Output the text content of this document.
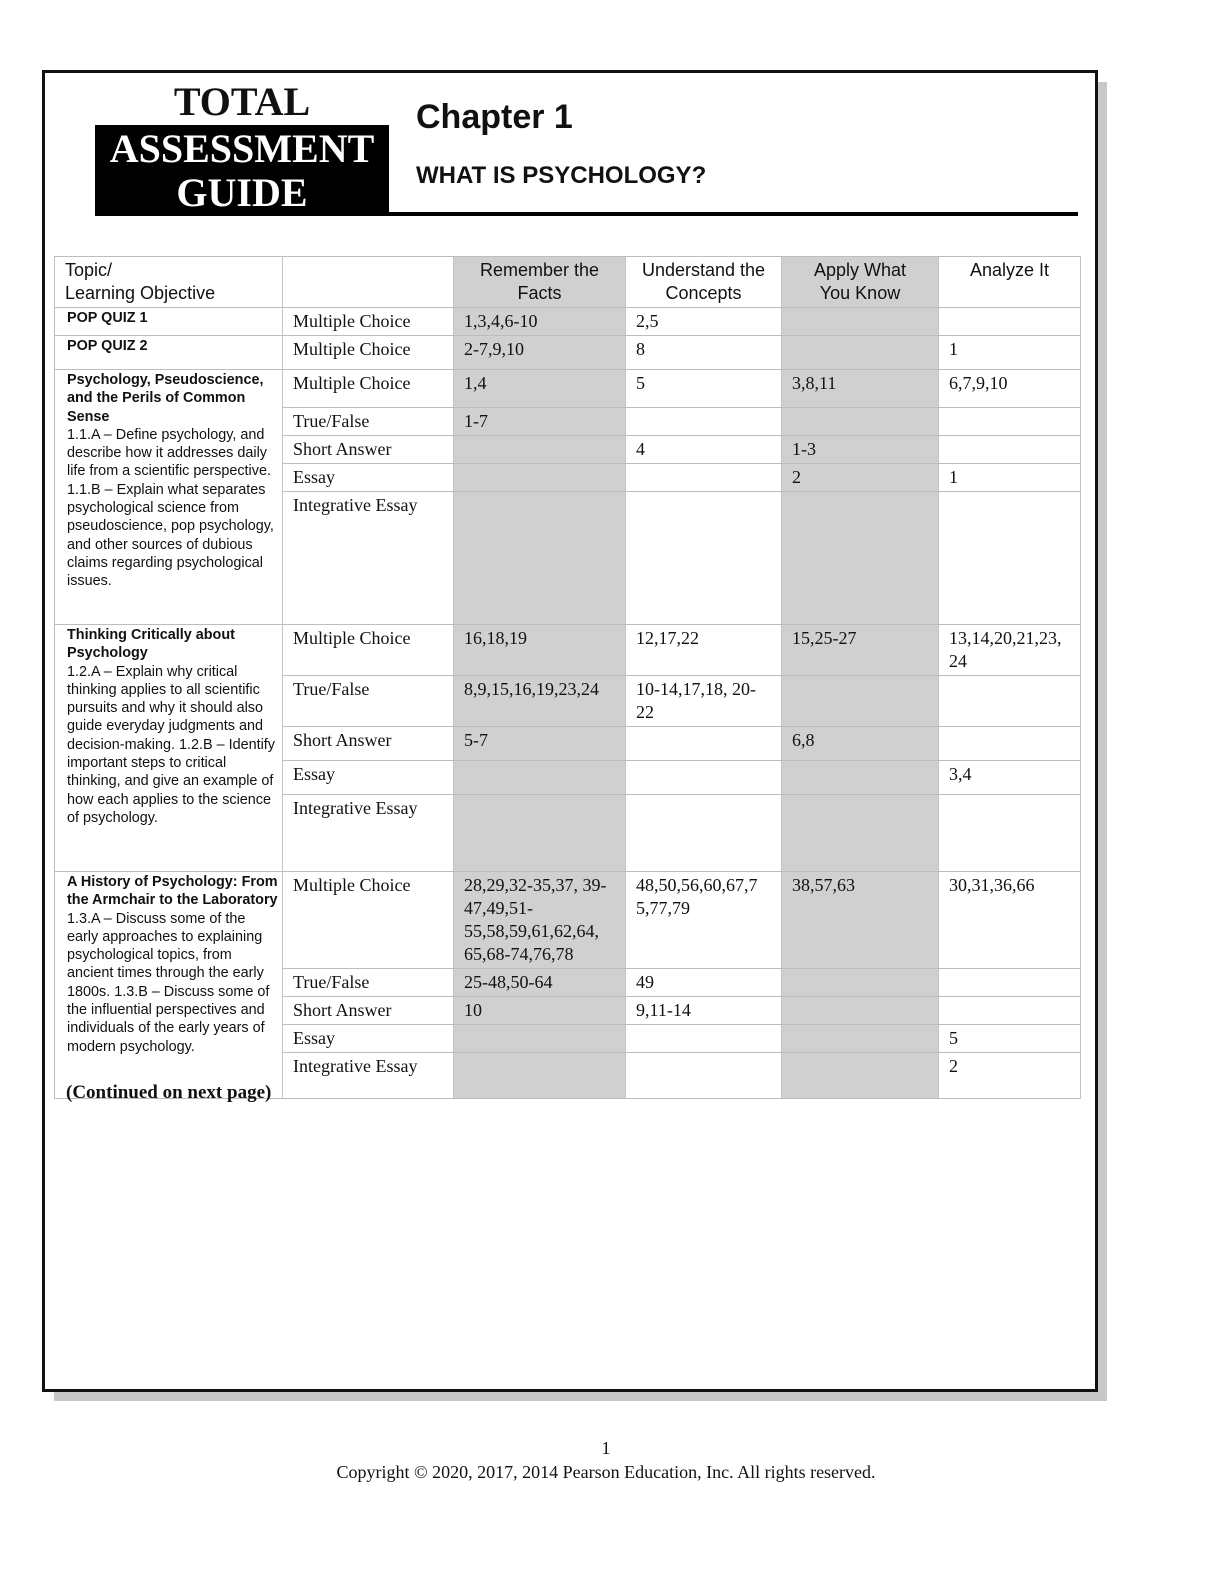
TOTAL
ASSESSMENT
GUIDE
Chapter 1
WHAT IS PSYCHOLOGY?
Topic/
Learning Objective		Remember the
Facts	Understand the
Concepts	Apply What
You Know	Analyze It
POP QUIZ 1	Multiple Choice	1,3,4,6-10	2,5		
POP QUIZ 2	Multiple Choice	2-7,9,10	8		1
Psychology, Pseudoscience, and the Perils of Common Sense
1.1.A – Define psychology, and describe how it addresses daily life from a scientific perspective. 1.1.B – Explain what separates psychological science from pseudoscience, pop psychology, and other sources of dubious claims regarding psychological issues.	Multiple Choice	1,4	5	3,8,11	6,7,9,10
	True/False	1-7			
	Short Answer		4	1-3	
	Essay			2	1
	Integrative Essay				
Thinking Critically about Psychology
1.2.A – Explain why critical thinking applies to all scientific pursuits and why it should also guide everyday judgments and decision-making. 1.2.B – Identify important steps to critical thinking, and give an example of how each applies to the science of psychology.	Multiple Choice	16,18,19	12,17,22	15,25-27	13,14,20,21,23, 24
	True/False	8,9,15,16,19,23,24	10-14,17,18, 20-22		
	Short Answer	5-7		6,8	
	Essay				3,4
	Integrative Essay				
A History of Psychology: From the Armchair to the Laboratory
1.3.A – Discuss some of the early approaches to explaining psychological topics, from ancient times through the early 1800s. 1.3.B – Discuss some of the influential perspectives and individuals of the early years of modern psychology.	Multiple Choice	28,29,32-35,37, 39-47,49,51- 55,58,59,61,62,64, 65,68-74,76,78	48,50,56,60,67,7 5,77,79	38,57,63	30,31,36,66
	True/False	25-48,50-64	49		
	Short Answer	10	9,11-14		
	Essay				5
	Integrative Essay				2
(Continued on next page)
1
Copyright © 2020, 2017, 2014 Pearson Education, Inc. All rights reserved.
